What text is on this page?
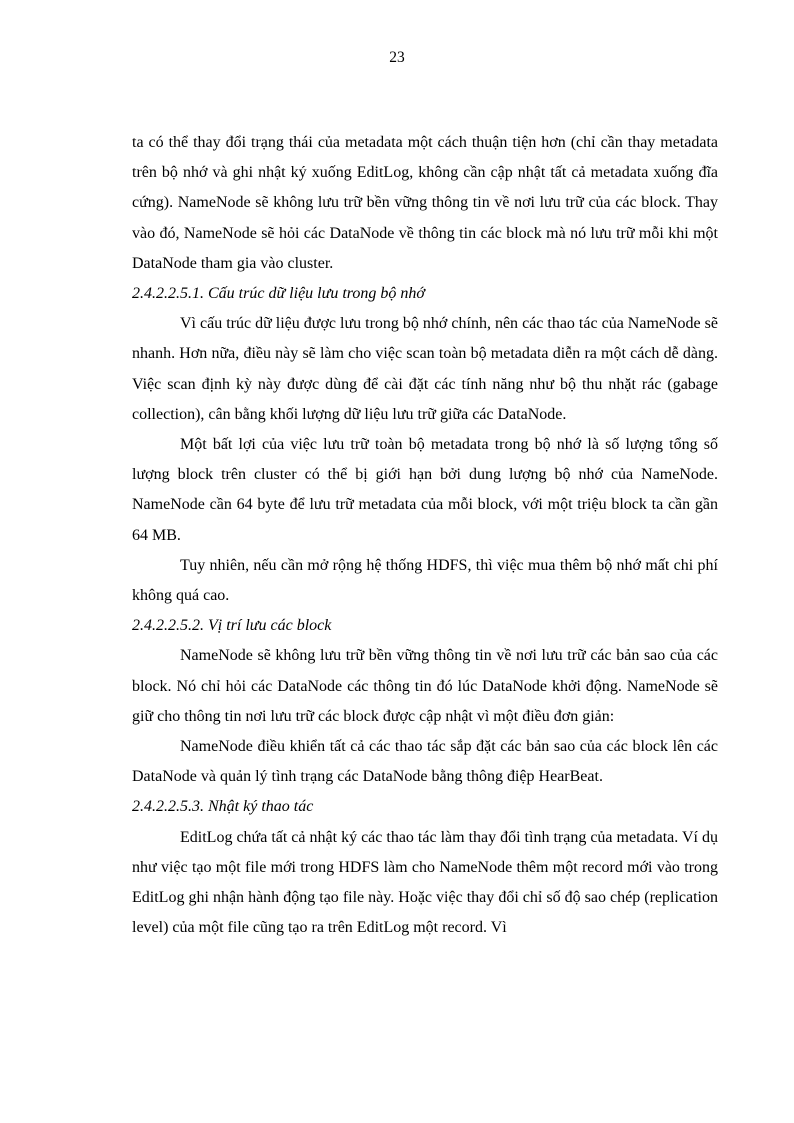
23

ta có thể thay đổi trạng thái của metadata một cách thuận tiện hơn (chỉ cần thay metadata trên bộ nhớ và ghi nhật ký xuống EditLog, không cần cập nhật tất cả metadata xuống đĩa cứng). NameNode sẽ không lưu trữ bền vững thông tin về nơi lưu trữ của các block. Thay vào đó, NameNode sẽ hỏi các DataNode về thông tin các block mà nó lưu trữ mỗi khi một DataNode tham gia vào cluster.

2.4.2.2.5.1. Cấu trúc dữ liệu lưu trong bộ nhớ

Vì cấu trúc dữ liệu được lưu trong bộ nhớ chính, nên các thao tác của NameNode sẽ nhanh. Hơn nữa, điều này sẽ làm cho việc scan toàn bộ metadata diễn ra một cách dễ dàng. Việc scan định kỳ này được dùng để cài đặt các tính năng như bộ thu nhặt rác (gabage collection), cân bằng khối lượng dữ liệu lưu trữ giữa các DataNode.

Một bất lợi của việc lưu trữ toàn bộ metadata trong bộ nhớ là số lượng tổng số lượng block trên cluster có thể bị giới hạn bởi dung lượng bộ nhớ của NameNode. NameNode cần 64 byte để lưu trữ metadata của mỗi block, với một triệu block ta cần gần 64 MB.

Tuy nhiên, nếu cần mở rộng hệ thống HDFS, thì việc mua thêm bộ nhớ mất chi phí không quá cao.

2.4.2.2.5.2. Vị trí lưu các block

NameNode sẽ không lưu trữ bền vững thông tin về nơi lưu trữ các bản sao của các block. Nó chỉ hỏi các DataNode các thông tin đó lúc DataNode khởi động. NameNode sẽ giữ cho thông tin nơi lưu trữ các block được cập nhật vì một điều đơn giản:

NameNode điều khiển tất cả các thao tác sắp đặt các bản sao của các block lên các DataNode và quản lý tình trạng các DataNode bằng thông điệp HearBeat.

2.4.2.2.5.3. Nhật ký thao tác

EditLog chứa tất cả nhật ký các thao tác làm thay đổi tình trạng của metadata. Ví dụ như việc tạo một file mới trong HDFS làm cho NameNode thêm một record mới vào trong EditLog ghi nhận hành động tạo file này. Hoặc việc thay đổi chỉ số độ sao chép (replication level) của một file cũng tạo ra trên EditLog một record. Vì
